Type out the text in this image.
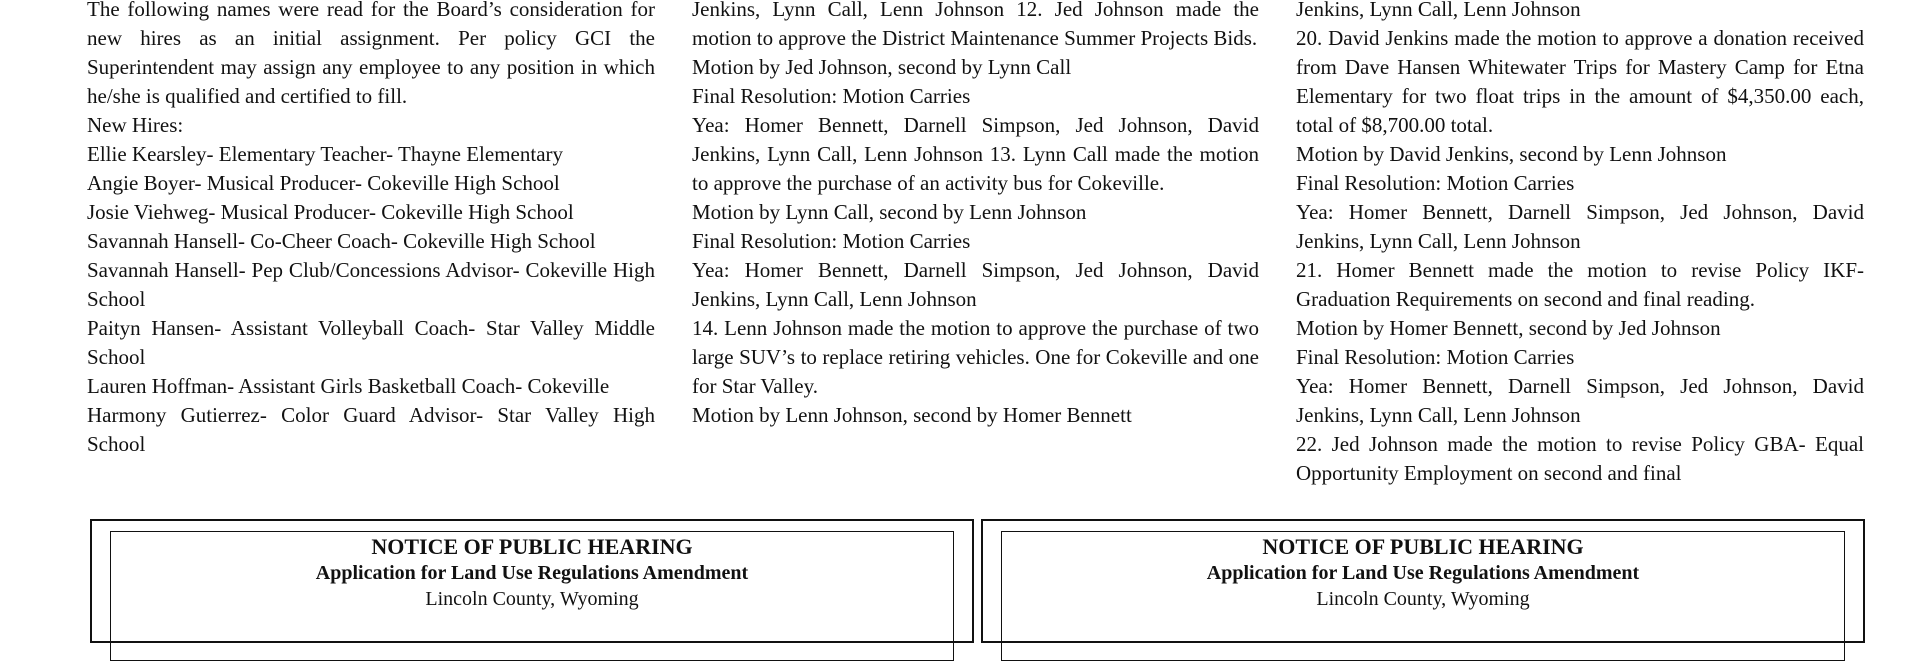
The following names were read for the Board’s consideration for new hires as an initial assignment. Per policy GCI the Superintendent may assign any employee to any position in which he/she is qualified and certified to fill.

New Hires:

Ellie Kearsley- Elementary Teacher- Thayne Elementary

Angie Boyer- Musical Producer- Cokeville High School

Josie Viehweg- Musical Producer- Cokeville High School

Savannah Hansell- Co-Cheer Coach- Cokeville High School

Savannah Hansell- Pep Club/Concessions Advisor- Cokeville High School

Paityn Hansen- Assistant Volleyball Coach- Star Valley Middle School

Lauren Hoffman- Assistant Girls Basketball Coach- Cokeville

Harmony Gutierrez- Color Guard Advisor- Star Valley High School

Jenkins, Lynn Call, Lenn Johnson 12. Jed Johnson made the motion to approve the District Maintenance Summer Projects Bids.

Motion by Jed Johnson, second by Lynn Call

Final Resolution: Motion Carries

Yea: Homer Bennett, Darnell Simpson, Jed Johnson, David Jenkins, Lynn Call, Lenn Johnson 13. Lynn Call made the motion to approve the purchase of an activity bus for Cokeville.

Motion by Lynn Call, second by Lenn Johnson

Final Resolution: Motion Carries

Yea: Homer Bennett, Darnell Simpson, Jed Johnson, David Jenkins, Lynn Call, Lenn Johnson

14. Lenn Johnson made the motion to approve the purchase of two large SUV’s to replace retiring vehicles. One for Cokeville and one for Star Valley.

Motion by Lenn Johnson, second by Homer Bennett

Jenkins, Lynn Call, Lenn Johnson

20. David Jenkins made the motion to approve a donation received from Dave Hansen Whitewater Trips for Mastery Camp for Etna Elementary for two float trips in the amount of $4,350.00 each, total of $8,700.00 total.

Motion by David Jenkins, second by Lenn Johnson

Final Resolution: Motion Carries

Yea: Homer Bennett, Darnell Simpson, Jed Johnson, David Jenkins, Lynn Call, Lenn Johnson

21. Homer Bennett made the motion to revise Policy IKF- Graduation Requirements on second and final reading.

Motion by Homer Bennett, second by Jed Johnson

Final Resolution: Motion Carries

Yea: Homer Bennett, Darnell Simpson, Jed Johnson, David Jenkins, Lynn Call, Lenn Johnson

22. Jed Johnson made the motion to revise Policy GBA- Equal Opportunity Employment on second and final

NOTICE OF PUBLIC HEARING
Application for Land Use Regulations Amendment
Lincoln County, Wyoming
NOTICE OF PUBLIC HEARING
Application for Land Use Regulations Amendment
Lincoln County, Wyoming
